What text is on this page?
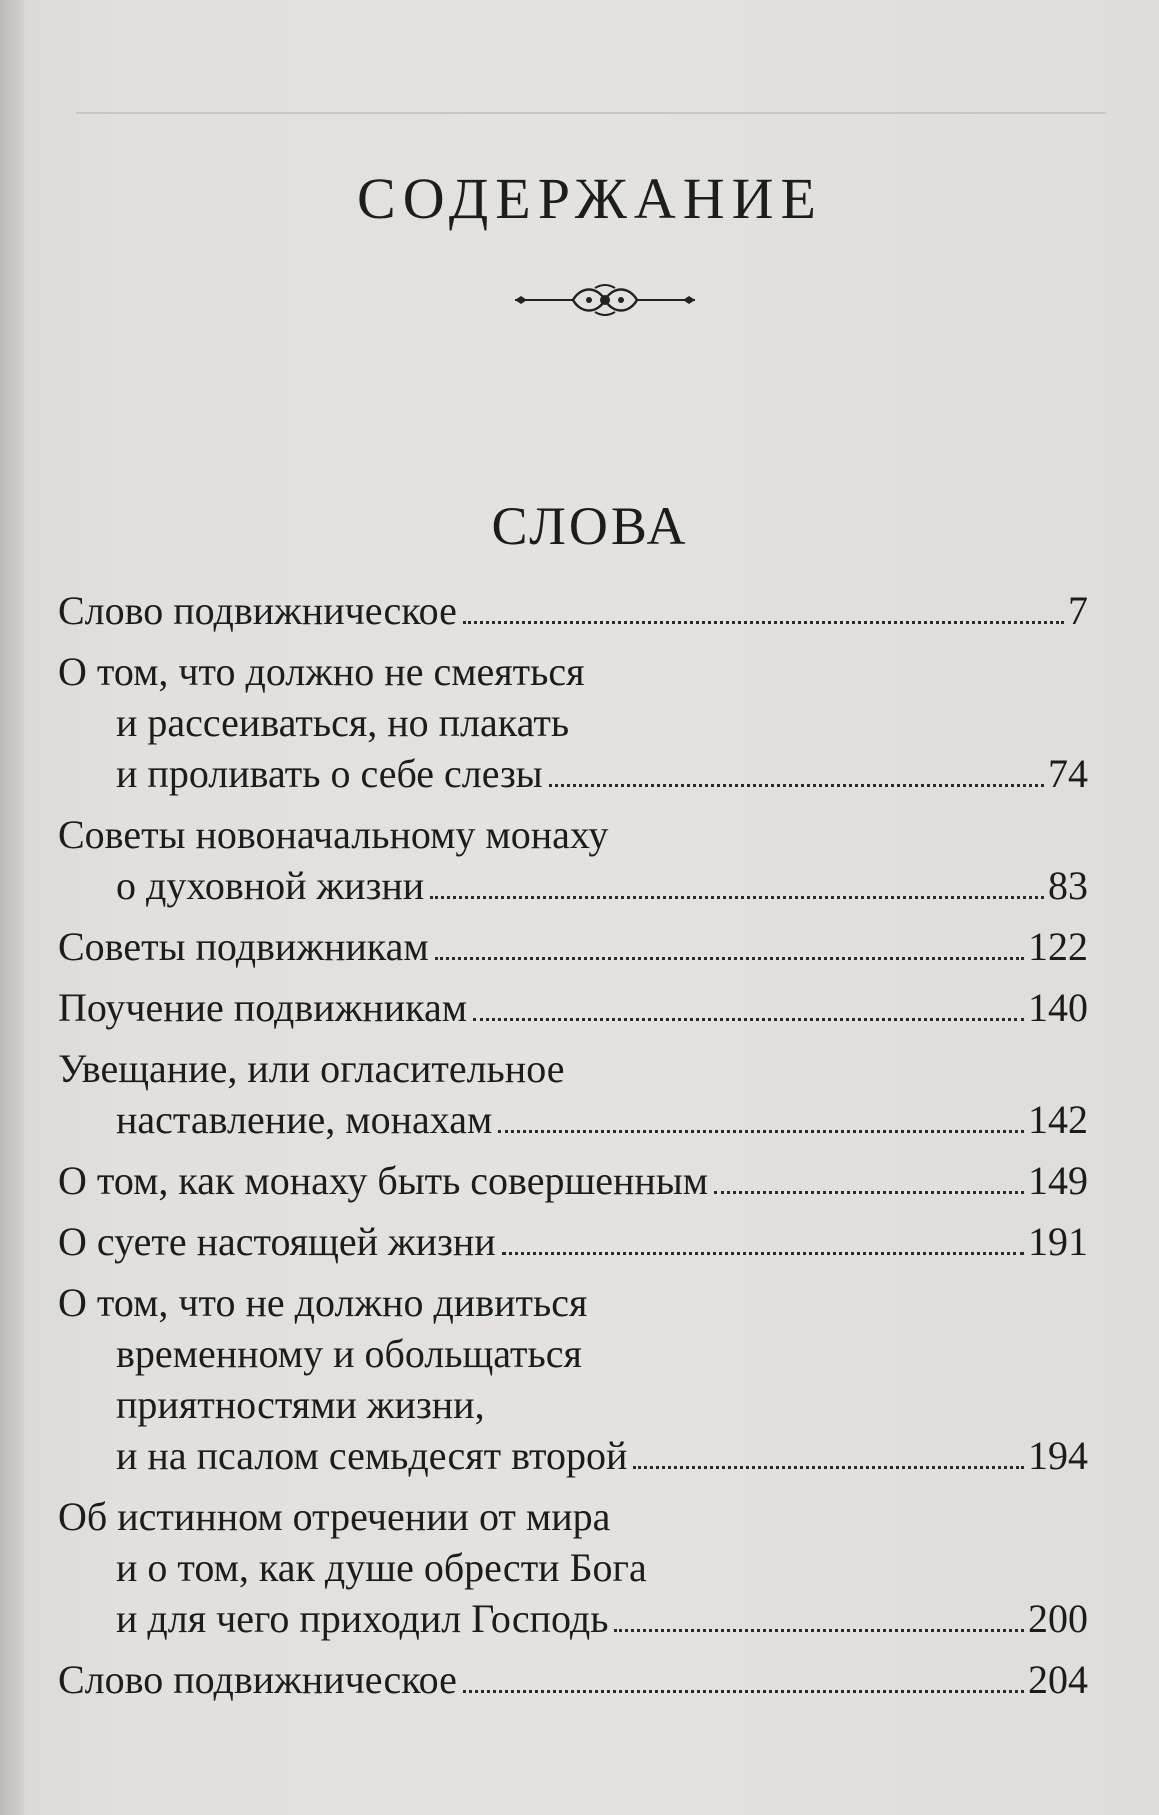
СОДЕРЖАНИЕ
СЛОВА
Слово подвижническое	7
О том, что должно не смеяться
и рассеиваться, но плакать
и проливать о себе слезы	74
Советы новоначальному монаху
о духовной жизни	83
Советы подвижникам	122
Поучение подвижникам	140
Увещание, или огласительное
наставление, монахам	142
О том, как монаху быть совершенным	149
О суете настоящей жизни	191
О том, что не должно дивиться
временному и обольщаться
приятностями жизни,
и на псалом семьдесят второй	194
Об истинном отречении от мира
и о том, как душе обрести Бога
и для чего приходил Господь	200
Слово подвижническое	204
